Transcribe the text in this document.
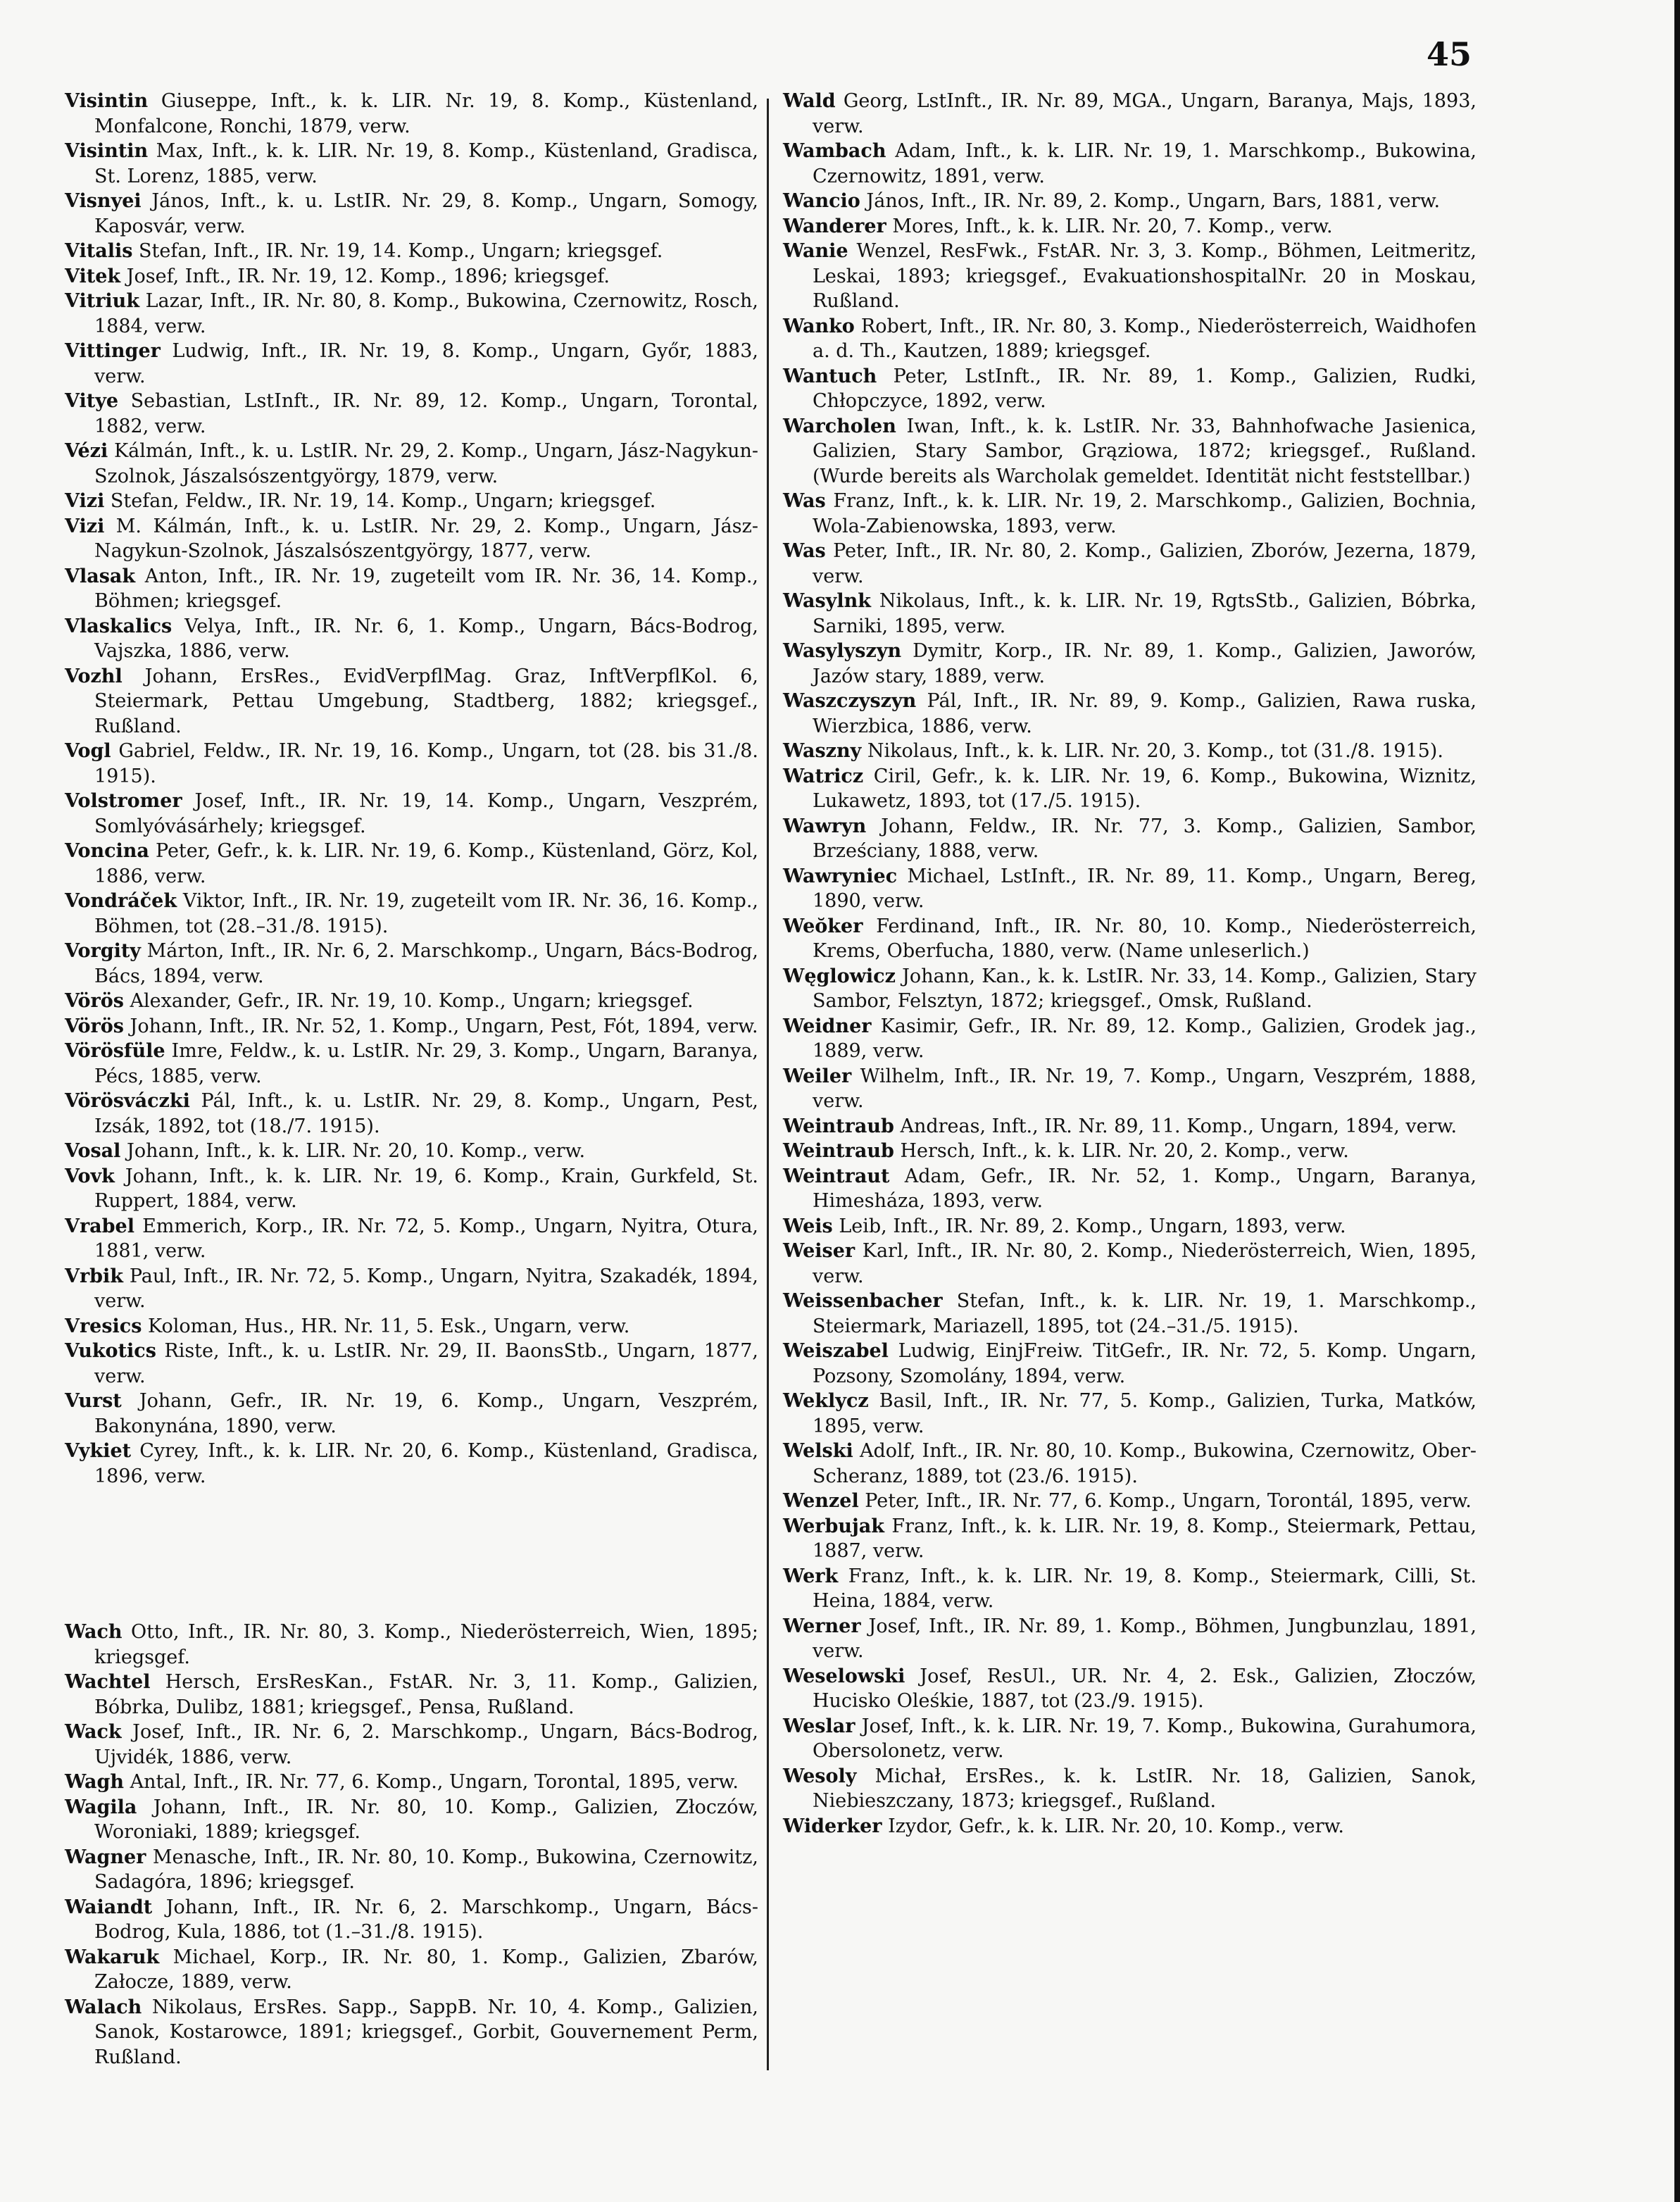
45

Visintin Giuseppe, Inft., k. k. LIR. Nr. 19, 8. Komp., Küstenland, Monfalcone, Ronchi, 1879, verw.

Visintin Max, Inft., k. k. LIR. Nr. 19, 8. Komp., Küstenland, Gradisca, St. Lorenz, 1885, verw.

Visnyei János, Inft., k. u. LstIR. Nr. 29, 8. Komp., Ungarn, Somogy, Kaposvár, verw.

Vitalis Stefan, Inft., IR. Nr. 19, 14. Komp., Ungarn; kriegsgef.

Vitek Josef, Inft., IR. Nr. 19, 12. Komp., 1896; kriegsgef.

Vitriuk Lazar, Inft., IR. Nr. 80, 8. Komp., Bukowina, Czernowitz, Rosch, 1884, verw.

Vittinger Ludwig, Inft., IR. Nr. 19, 8. Komp., Ungarn, Győr, 1883, verw.

Vitye Sebastian, LstInft., IR. Nr. 89, 12. Komp., Ungarn, Torontal, 1882, verw.

Vézi Kálmán, Inft., k. u. LstIR. Nr. 29, 2. Komp., Ungarn, Jász-Nagykun-Szolnok, Jászalsószentgyörgy, 1879, verw.

Vizi Stefan, Feldw., IR. Nr. 19, 14. Komp., Ungarn; kriegsgef.

Vizi M. Kálmán, Inft., k. u. LstIR. Nr. 29, 2. Komp., Ungarn, Jász-Nagykun-Szolnok, Jászalsószentgyörgy, 1877, verw.

Vlasak Anton, Inft., IR. Nr. 19, zugeteilt vom IR. Nr. 36, 14. Komp., Böhmen; kriegsgef.

Vlaskalics Velya, Inft., IR. Nr. 6, 1. Komp., Ungarn, Bács-Bodrog, Vajszka, 1886, verw.

Vozhl Johann, ErsRes., EvidVerpflMag. Graz, InftVerpflKol. 6, Steiermark, Pettau Umgebung, Stadtberg, 1882; kriegsgef., Rußland.

Vogl Gabriel, Feldw., IR. Nr. 19, 16. Komp., Ungarn, tot (28. bis 31./8. 1915).

Volstromer Josef, Inft., IR. Nr. 19, 14. Komp., Ungarn, Veszprém, Somlyóvásárhely; kriegsgef.

Voncina Peter, Gefr., k. k. LIR. Nr. 19, 6. Komp., Küstenland, Görz, Kol, 1886, verw.

Vondráček Viktor, Inft., IR. Nr. 19, zugeteilt vom IR. Nr. 36, 16. Komp., Böhmen, tot (28.–31./8. 1915).

Vorgity Márton, Inft., IR. Nr. 6, 2. Marschkomp., Ungarn, Bács-Bodrog, Bács, 1894, verw.

Vörös Alexander, Gefr., IR. Nr. 19, 10. Komp., Ungarn; kriegsgef.

Vörös Johann, Inft., IR. Nr. 52, 1. Komp., Ungarn, Pest, Fót, 1894, verw.

Vörösfüle Imre, Feldw., k. u. LstIR. Nr. 29, 3. Komp., Ungarn, Baranya, Pécs, 1885, verw.

Vörösváczki Pál, Inft., k. u. LstIR. Nr. 29, 8. Komp., Ungarn, Pest, Izsák, 1892, tot (18./7. 1915).

Vosal Johann, Inft., k. k. LIR. Nr. 20, 10. Komp., verw.

Vovk Johann, Inft., k. k. LIR. Nr. 19, 6. Komp., Krain, Gurkfeld, St. Ruppert, 1884, verw.

Vrabel Emmerich, Korp., IR. Nr. 72, 5. Komp., Ungarn, Nyitra, Otura, 1881, verw.

Vrbik Paul, Inft., IR. Nr. 72, 5. Komp., Ungarn, Nyitra, Szakadék, 1894, verw.

Vresics Koloman, Hus., HR. Nr. 11, 5. Esk., Ungarn, verw.

Vukotics Riste, Inft., k. u. LstIR. Nr. 29, II. BaonsStb., Ungarn, 1877, verw.

Vurst Johann, Gefr., IR. Nr. 19, 6. Komp., Ungarn, Veszprém, Bakonynána, 1890, verw.

Vykiet Cyrey, Inft., k. k. LIR. Nr. 20, 6. Komp., Küstenland, Gradisca, 1896, verw.

Wach Otto, Inft., IR. Nr. 80, 3. Komp., Niederösterreich, Wien, 1895; kriegsgef.

Wachtel Hersch, ErsResKan., FstAR. Nr. 3, 11. Komp., Galizien, Bóbrka, Dulibz, 1881; kriegsgef., Pensa, Rußland.

Wack Josef, Inft., IR. Nr. 6, 2. Marschkomp., Ungarn, Bács-Bodrog, Ujvidék, 1886, verw.

Wagh Antal, Inft., IR. Nr. 77, 6. Komp., Ungarn, Torontal, 1895, verw.

Wagila Johann, Inft., IR. Nr. 80, 10. Komp., Galizien, Złoczów, Woroniaki, 1889; kriegsgef.

Wagner Menasche, Inft., IR. Nr. 80, 10. Komp., Bukowina, Czernowitz, Sadagóra, 1896; kriegsgef.

Waiandt Johann, Inft., IR. Nr. 6, 2. Marschkomp., Ungarn, Bács-Bodrog, Kula, 1886, tot (1.–31./8. 1915).

Wakaruk Michael, Korp., IR. Nr. 80, 1. Komp., Galizien, Zbarów, Załocze, 1889, verw.

Walach Nikolaus, ErsRes. Sapp., SappB. Nr. 10, 4. Komp., Galizien, Sanok, Kostarowce, 1891; kriegsgef., Gorbit, Gouvernement Perm, Rußland.

Wald Georg, LstInft., IR. Nr. 89, MGA., Ungarn, Baranya, Majs, 1893, verw.

Wambach Adam, Inft., k. k. LIR. Nr. 19, 1. Marschkomp., Bukowina, Czernowitz, 1891, verw.

Wancio János, Inft., IR. Nr. 89, 2. Komp., Ungarn, Bars, 1881, verw.

Wanderer Mores, Inft., k. k. LIR. Nr. 20, 7. Komp., verw.

Wanie Wenzel, ResFwk., FstAR. Nr. 3, 3. Komp., Böhmen, Leitmeritz, Leskai, 1893; kriegsgef., EvakuationshospitalNr. 20 in Moskau, Rußland.

Wanko Robert, Inft., IR. Nr. 80, 3. Komp., Niederösterreich, Waidhofen a. d. Th., Kautzen, 1889; kriegsgef.

Wantuch Peter, LstInft., IR. Nr. 89, 1. Komp., Galizien, Rudki, Chłopczyce, 1892, verw.

Warcholen Iwan, Inft., k. k. LstIR. Nr. 33, Bahnhofwache Jasienica, Galizien, Stary Sambor, Grąziowa, 1872; kriegsgef., Rußland. (Wurde bereits als Warcholak gemeldet. Identität nicht feststellbar.)

Was Franz, Inft., k. k. LIR. Nr. 19, 2. Marschkomp., Galizien, Bochnia, Wola-Zabienowska, 1893, verw.

Was Peter, Inft., IR. Nr. 80, 2. Komp., Galizien, Zborów, Jezerna, 1879, verw.

Wasylnk Nikolaus, Inft., k. k. LIR. Nr. 19, RgtsStb., Galizien, Bóbrka, Sarniki, 1895, verw.

Wasylyszyn Dymitr, Korp., IR. Nr. 89, 1. Komp., Galizien, Jaworów, Jazów stary, 1889, verw.

Waszczyszyn Pál, Inft., IR. Nr. 89, 9. Komp., Galizien, Rawa ruska, Wierzbica, 1886, verw.

Waszny Nikolaus, Inft., k. k. LIR. Nr. 20, 3. Komp., tot (31./8. 1915).

Watricz Ciril, Gefr., k. k. LIR. Nr. 19, 6. Komp., Bukowina, Wiznitz, Lukawetz, 1893, tot (17./5. 1915).

Wawryn Johann, Feldw., IR. Nr. 77, 3. Komp., Galizien, Sambor, Brześciany, 1888, verw.

Wawryniec Michael, LstInft., IR. Nr. 89, 11. Komp., Ungarn, Bereg, 1890, verw.

Weŏker Ferdinand, Inft., IR. Nr. 80, 10. Komp., Niederösterreich, Krems, Oberfucha, 1880, verw. (Name unleserlich.)

Węglowicz Johann, Kan., k. k. LstIR. Nr. 33, 14. Komp., Galizien, Stary Sambor, Felsztyn, 1872; kriegsgef., Omsk, Rußland.

Weidner Kasimir, Gefr., IR. Nr. 89, 12. Komp., Galizien, Grodek jag., 1889, verw.

Weiler Wilhelm, Inft., IR. Nr. 19, 7. Komp., Ungarn, Veszprém, 1888, verw.

Weintraub Andreas, Inft., IR. Nr. 89, 11. Komp., Ungarn, 1894, verw.

Weintraub Hersch, Inft., k. k. LIR. Nr. 20, 2. Komp., verw.

Weintraut Adam, Gefr., IR. Nr. 52, 1. Komp., Ungarn, Baranya, Himesháza, 1893, verw.

Weis Leib, Inft., IR. Nr. 89, 2. Komp., Ungarn, 1893, verw.

Weiser Karl, Inft., IR. Nr. 80, 2. Komp., Niederösterreich, Wien, 1895, verw.

Weissenbacher Stefan, Inft., k. k. LIR. Nr. 19, 1. Marschkomp., Steiermark, Mariazell, 1895, tot (24.–31./5. 1915).

Weiszabel Ludwig, EinjFreiw. TitGefr., IR. Nr. 72, 5. Komp. Ungarn, Pozsony, Szomolány, 1894, verw.

Weklycz Basil, Inft., IR. Nr. 77, 5. Komp., Galizien, Turka, Matków, 1895, verw.

Welski Adolf, Inft., IR. Nr. 80, 10. Komp., Bukowina, Czernowitz, Ober-Scheranz, 1889, tot (23./6. 1915).

Wenzel Peter, Inft., IR. Nr. 77, 6. Komp., Ungarn, Torontál, 1895, verw.

Werbujak Franz, Inft., k. k. LIR. Nr. 19, 8. Komp., Steiermark, Pettau, 1887, verw.

Werk Franz, Inft., k. k. LIR. Nr. 19, 8. Komp., Steiermark, Cilli, St. Heina, 1884, verw.

Werner Josef, Inft., IR. Nr. 89, 1. Komp., Böhmen, Jungbunzlau, 1891, verw.

Weselowski Josef, ResUl., UR. Nr. 4, 2. Esk., Galizien, Złoczów, Hucisko Oleśkie, 1887, tot (23./9. 1915).

Weslar Josef, Inft., k. k. LIR. Nr. 19, 7. Komp., Bukowina, Gurahumora, Obersolonetz, verw.

Wesoly Michał, ErsRes., k. k. LstIR. Nr. 18, Galizien, Sanok, Niebieszczany, 1873; kriegsgef., Rußland.

Widerker Izydor, Gefr., k. k. LIR. Nr. 20, 10. Komp., verw.
